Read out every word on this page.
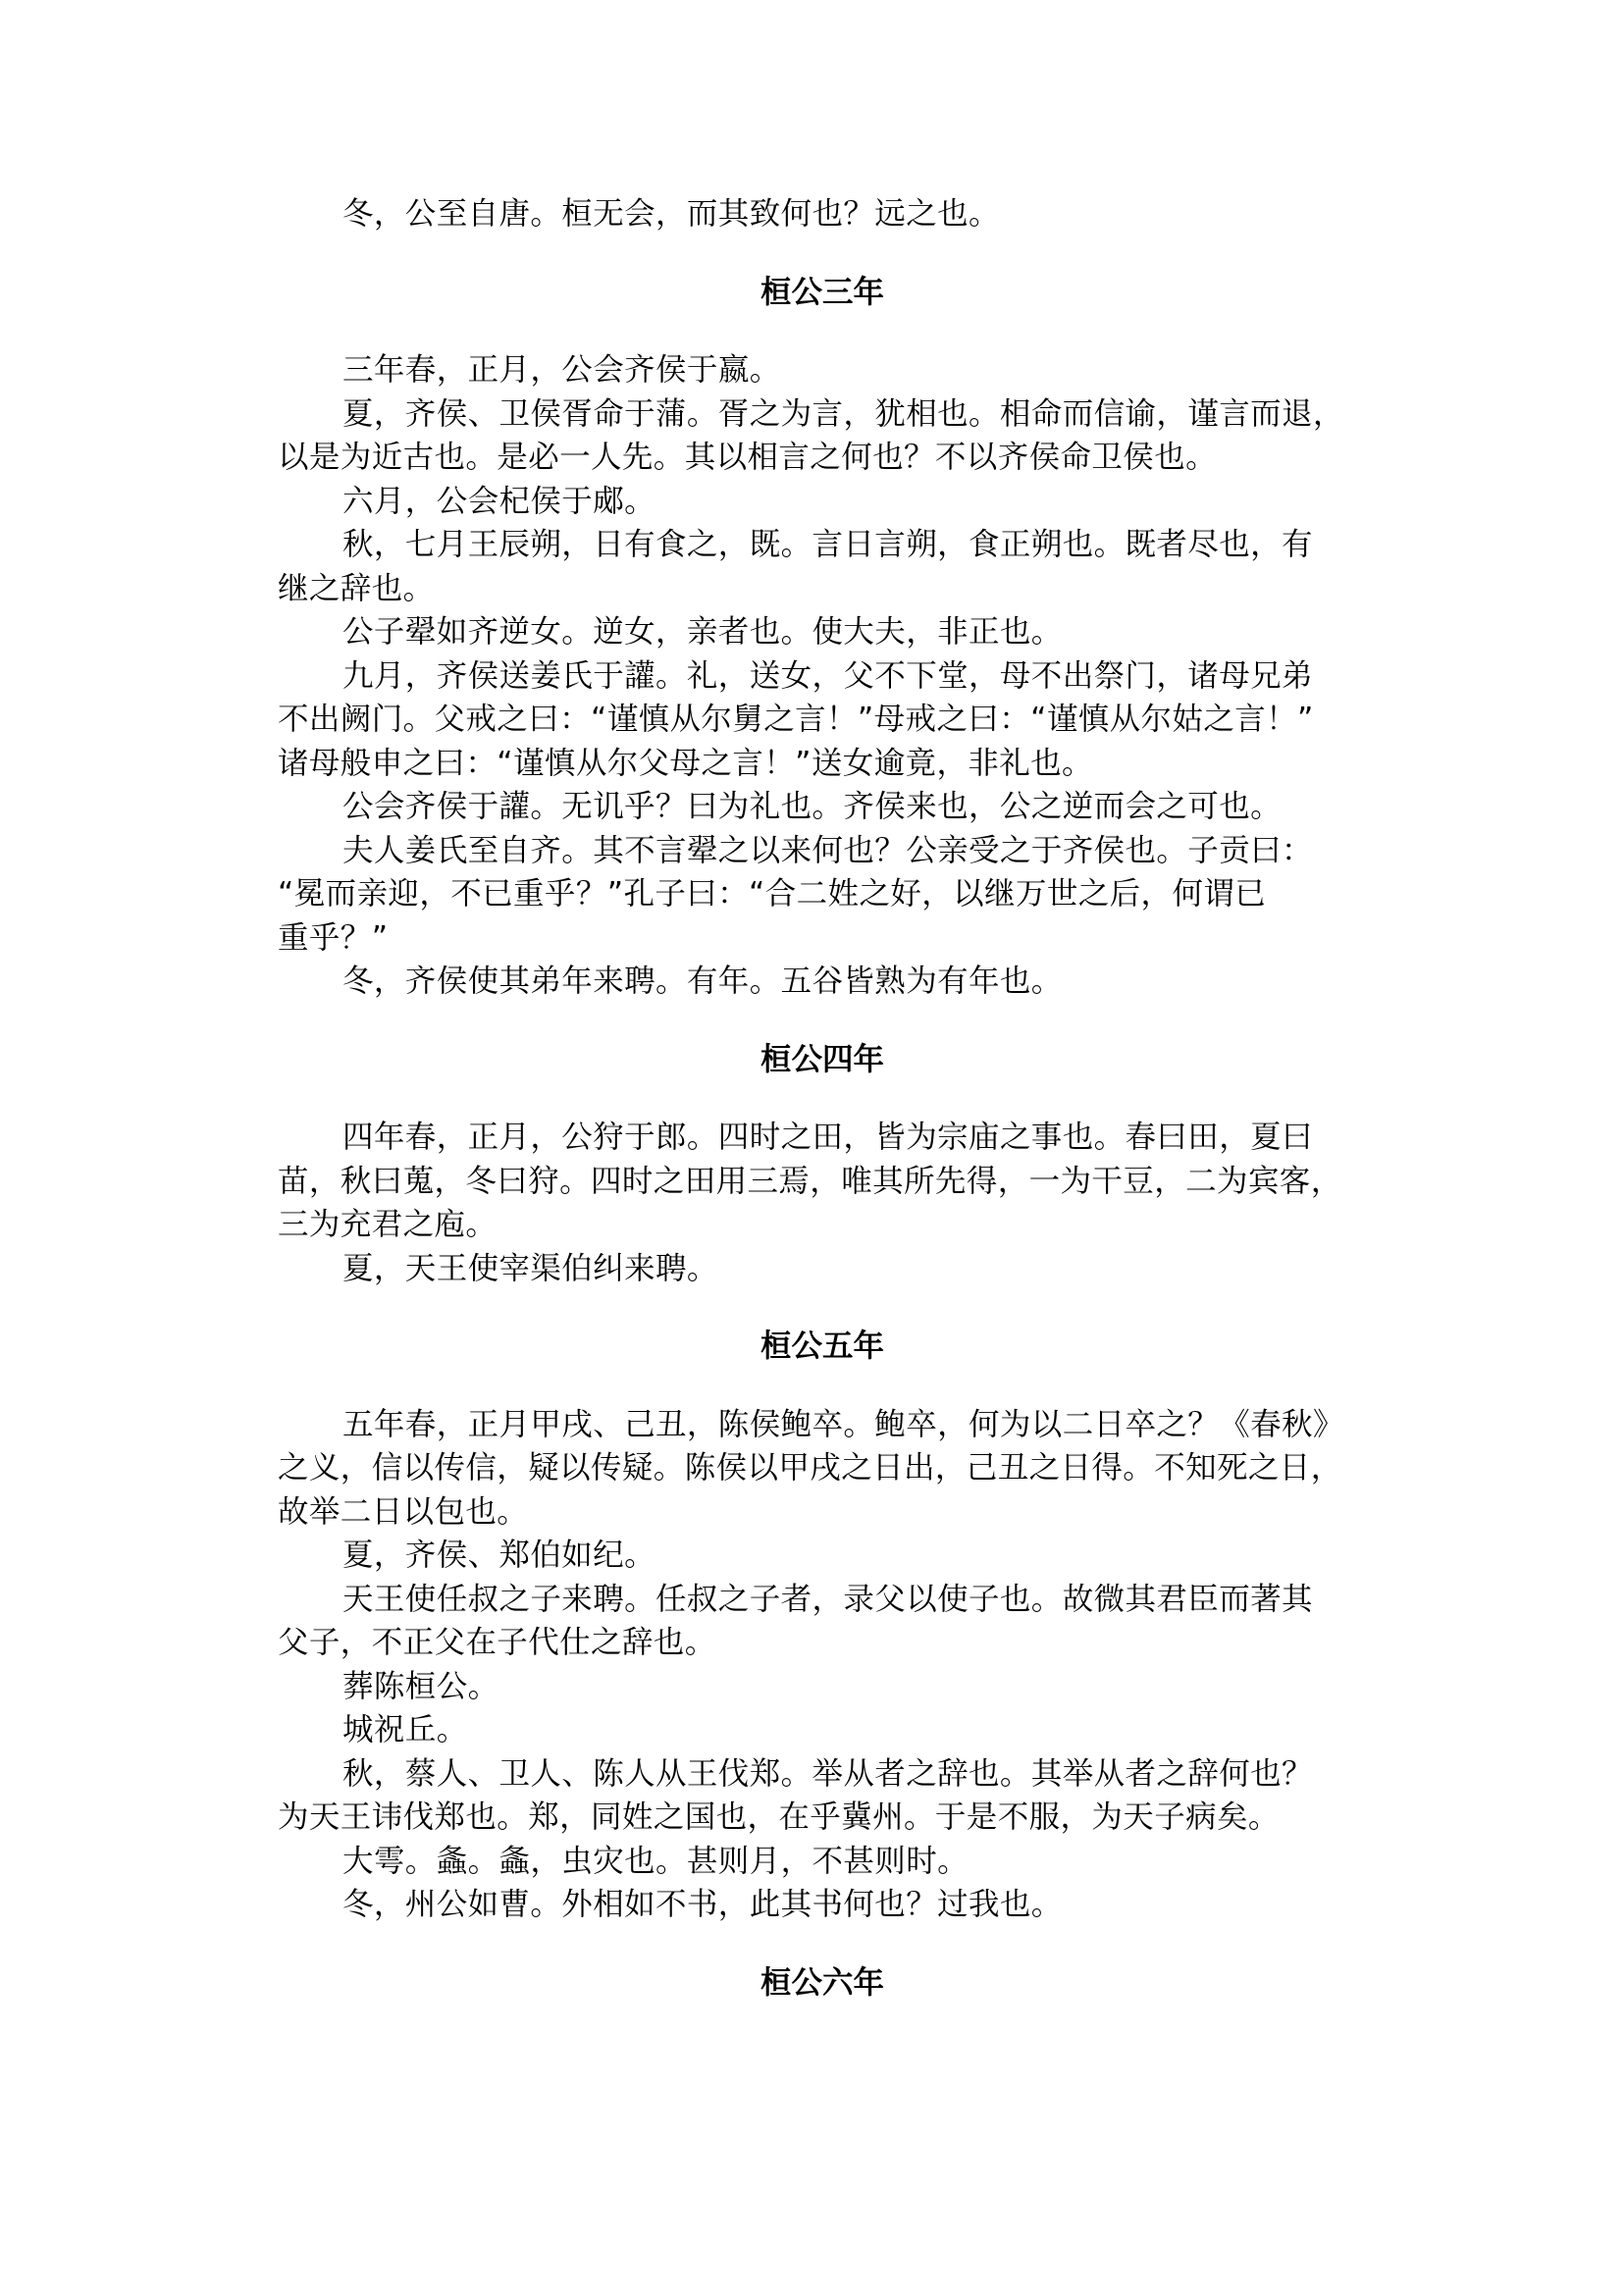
冬，公至自唐。桓无会，而其致何也？远之也。

桓公三年

三年春，正月，公会齐侯于嬴。

夏，齐侯、卫侯胥命于蒲。胥之为言，犹相也。相命而信谕，谨言而退，

以是为近古也。是必一人先。其以相言之何也？不以齐侯命卫侯也。

六月，公会杞侯于郕。

秋，七月王辰朔，日有食之，既。言日言朔，食正朔也。既者尽也，有

继之辞也。

公子翚如齐逆女。逆女，亲者也。使大夫，非正也。

九月，齐侯送姜氏于讙。礼，送女，父不下堂，母不出祭门，诸母兄弟

不出阙门。父戒之曰：“谨慎从尔舅之言！”母戒之曰：“谨慎从尔姑之言！”

诸母般申之曰：“谨慎从尔父母之言！”送女逾竟，非礼也。

公会齐侯于讙。无讥乎？曰为礼也。齐侯来也，公之逆而会之可也。

夫人姜氏至自齐。其不言翚之以来何也？公亲受之于齐侯也。子贡曰：

“冕而亲迎，不已重乎？”孔子曰：“合二姓之好，以继万世之后，何谓已

重乎？”

冬，齐侯使其弟年来聘。有年。五谷皆熟为有年也。

桓公四年

四年春，正月，公狩于郎。四时之田，皆为宗庙之事也。春曰田，夏曰

苗，秋曰蒐，冬曰狩。四时之田用三焉，唯其所先得，一为干豆，二为宾客，

三为充君之庖。

夏，天王使宰渠伯纠来聘。

桓公五年

五年春，正月甲戌、己丑，陈侯鲍卒。鲍卒，何为以二日卒之？《春秋》

之义，信以传信，疑以传疑。陈侯以甲戌之日出，己丑之日得。不知死之日，

故举二日以包也。

夏，齐侯、郑伯如纪。

天王使任叔之子来聘。任叔之子者，录父以使子也。故微其君臣而著其

父子，不正父在子代仕之辞也。

葬陈桓公。

城祝丘。

秋，蔡人、卫人、陈人从王伐郑。举从者之辞也。其举从者之辞何也？

为天王讳伐郑也。郑，同姓之国也，在乎冀州。于是不服，为天子病矣。

大雩。螽。螽，虫灾也。甚则月，不甚则时。

冬，州公如曹。外相如不书，此其书何也？过我也。

桓公六年
